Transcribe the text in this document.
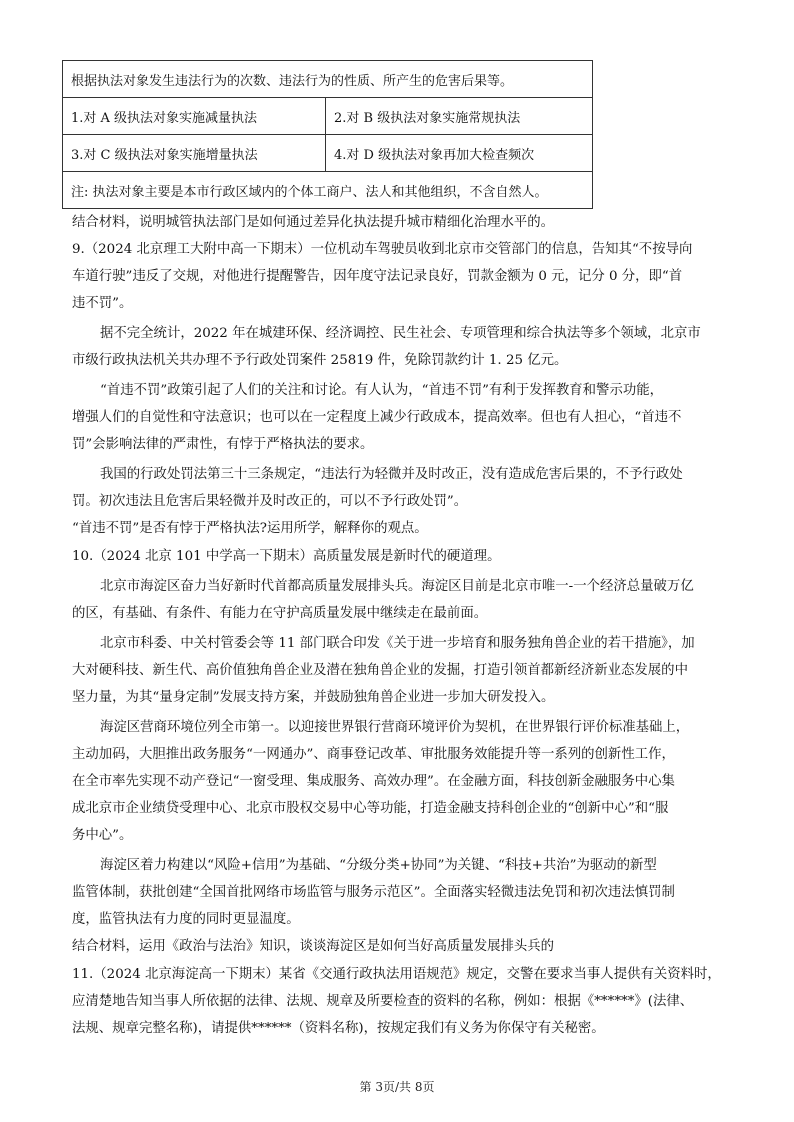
根据执法对象发生违法行为的次数、违法行为的性质、所产生的危害后果等。	
1.对 A 级执法对象实施减量执法	2.对 B 级执法对象实施常规执法
3.对 C 级执法对象实施增量执法	4.对 D 级执法对象再加大检查频次
注: 执法对象主要是本市行政区域内的个体工商户、法人和其他组织，不含自然人。	
结合材料，说明城管执法部门是如何通过差异化执法提升城市精细化治理水平的。
9.（2024 北京理工大附中高一下期末）一位机动车驾驶员收到北京市交管部门的信息，告知其“不按导向
车道行驶”违反了交规，对他进行提醒警告，因年度守法记录良好，罚款金额为 0 元，记分 0 分，即“首
违不罚”。
据不完全统计，2022 年在城建环保、经济调控、民生社会、专项管理和综合执法等多个领域，北京市
市级行政执法机关共办理不予行政处罚案件 25819 件，免除罚款约计 1. 25 亿元。
“首违不罚”政策引起了人们的关注和讨论。有人认为，“首违不罚”有利于发挥教育和警示功能，
增强人们的自觉性和守法意识；也可以在一定程度上减少行政成本，提高效率。但也有人担心，“首违不
罚”会影响法律的严肃性，有悖于严格执法的要求。
我国的行政处罚法第三十三条规定，“违法行为轻微并及时改正，没有造成危害后果的，不予行政处
罚。初次违法且危害后果轻微并及时改正的，可以不予行政处罚”。
“首违不罚”是否有悖于严格执法?运用所学，解释你的观点。
10.（2024 北京 101 中学高一下期末）高质量发展是新时代的硬道理。
北京市海淀区奋力当好新时代首都高质量发展排头兵。海淀区目前是北京市唯一-一个经济总量破万亿
的区，有基础、有条件、有能力在守护高质量发展中继续走在最前面。
北京市科委、中关村管委会等 11 部门联合印发《关于进一步培育和服务独角兽企业的若干措施》，加
大对硬科技、新生代、高价值独角兽企业及潜在独角兽企业的发掘，打造引领首都新经济新业态发展的中
坚力量，为其“量身定制”发展支持方案，并鼓励独角兽企业进一步加大研发投入。
海淀区营商环境位列全市第一。以迎接世界银行营商环境评价为契机，在世界银行评价标准基础上，
主动加码，大胆推出政务服务“一网通办”、商事登记改革、审批服务效能提升等一系列的创新性工作，
在全市率先实现不动产登记“一窗受理、集成服务、高效办理”。在金融方面，科技创新金融服务中心集
成北京市企业绩贷受理中心、北京市股权交易中心等功能，打造金融支持科创企业的“创新中心”和“服
务中心”。
海淀区着力构建以“风险+信用”为基础、“分级分类+协同”为关键、“科技+共治”为驱动的新型
监管体制，获批创建“全国首批网络市场监管与服务示范区”。全面落实轻微违法免罚和初次违法慎罚制
度，监管执法有力度的同时更显温度。
结合材料，运用《政治与法治》知识，谈谈海淀区是如何当好高质量发展排头兵的
11.（2024 北京海淀高一下期末）某省《交通行政执法用语规范》规定，交警在要求当事人提供有关资料时，
应清楚地告知当事人所依据的法律、法规、规章及所要检查的资料的名称，例如：根据《******》(法律、
法规、规章完整名称)，请提供******（资料名称)，按规定我们有义务为你保守有关秘密。
第 3页/共 8页
